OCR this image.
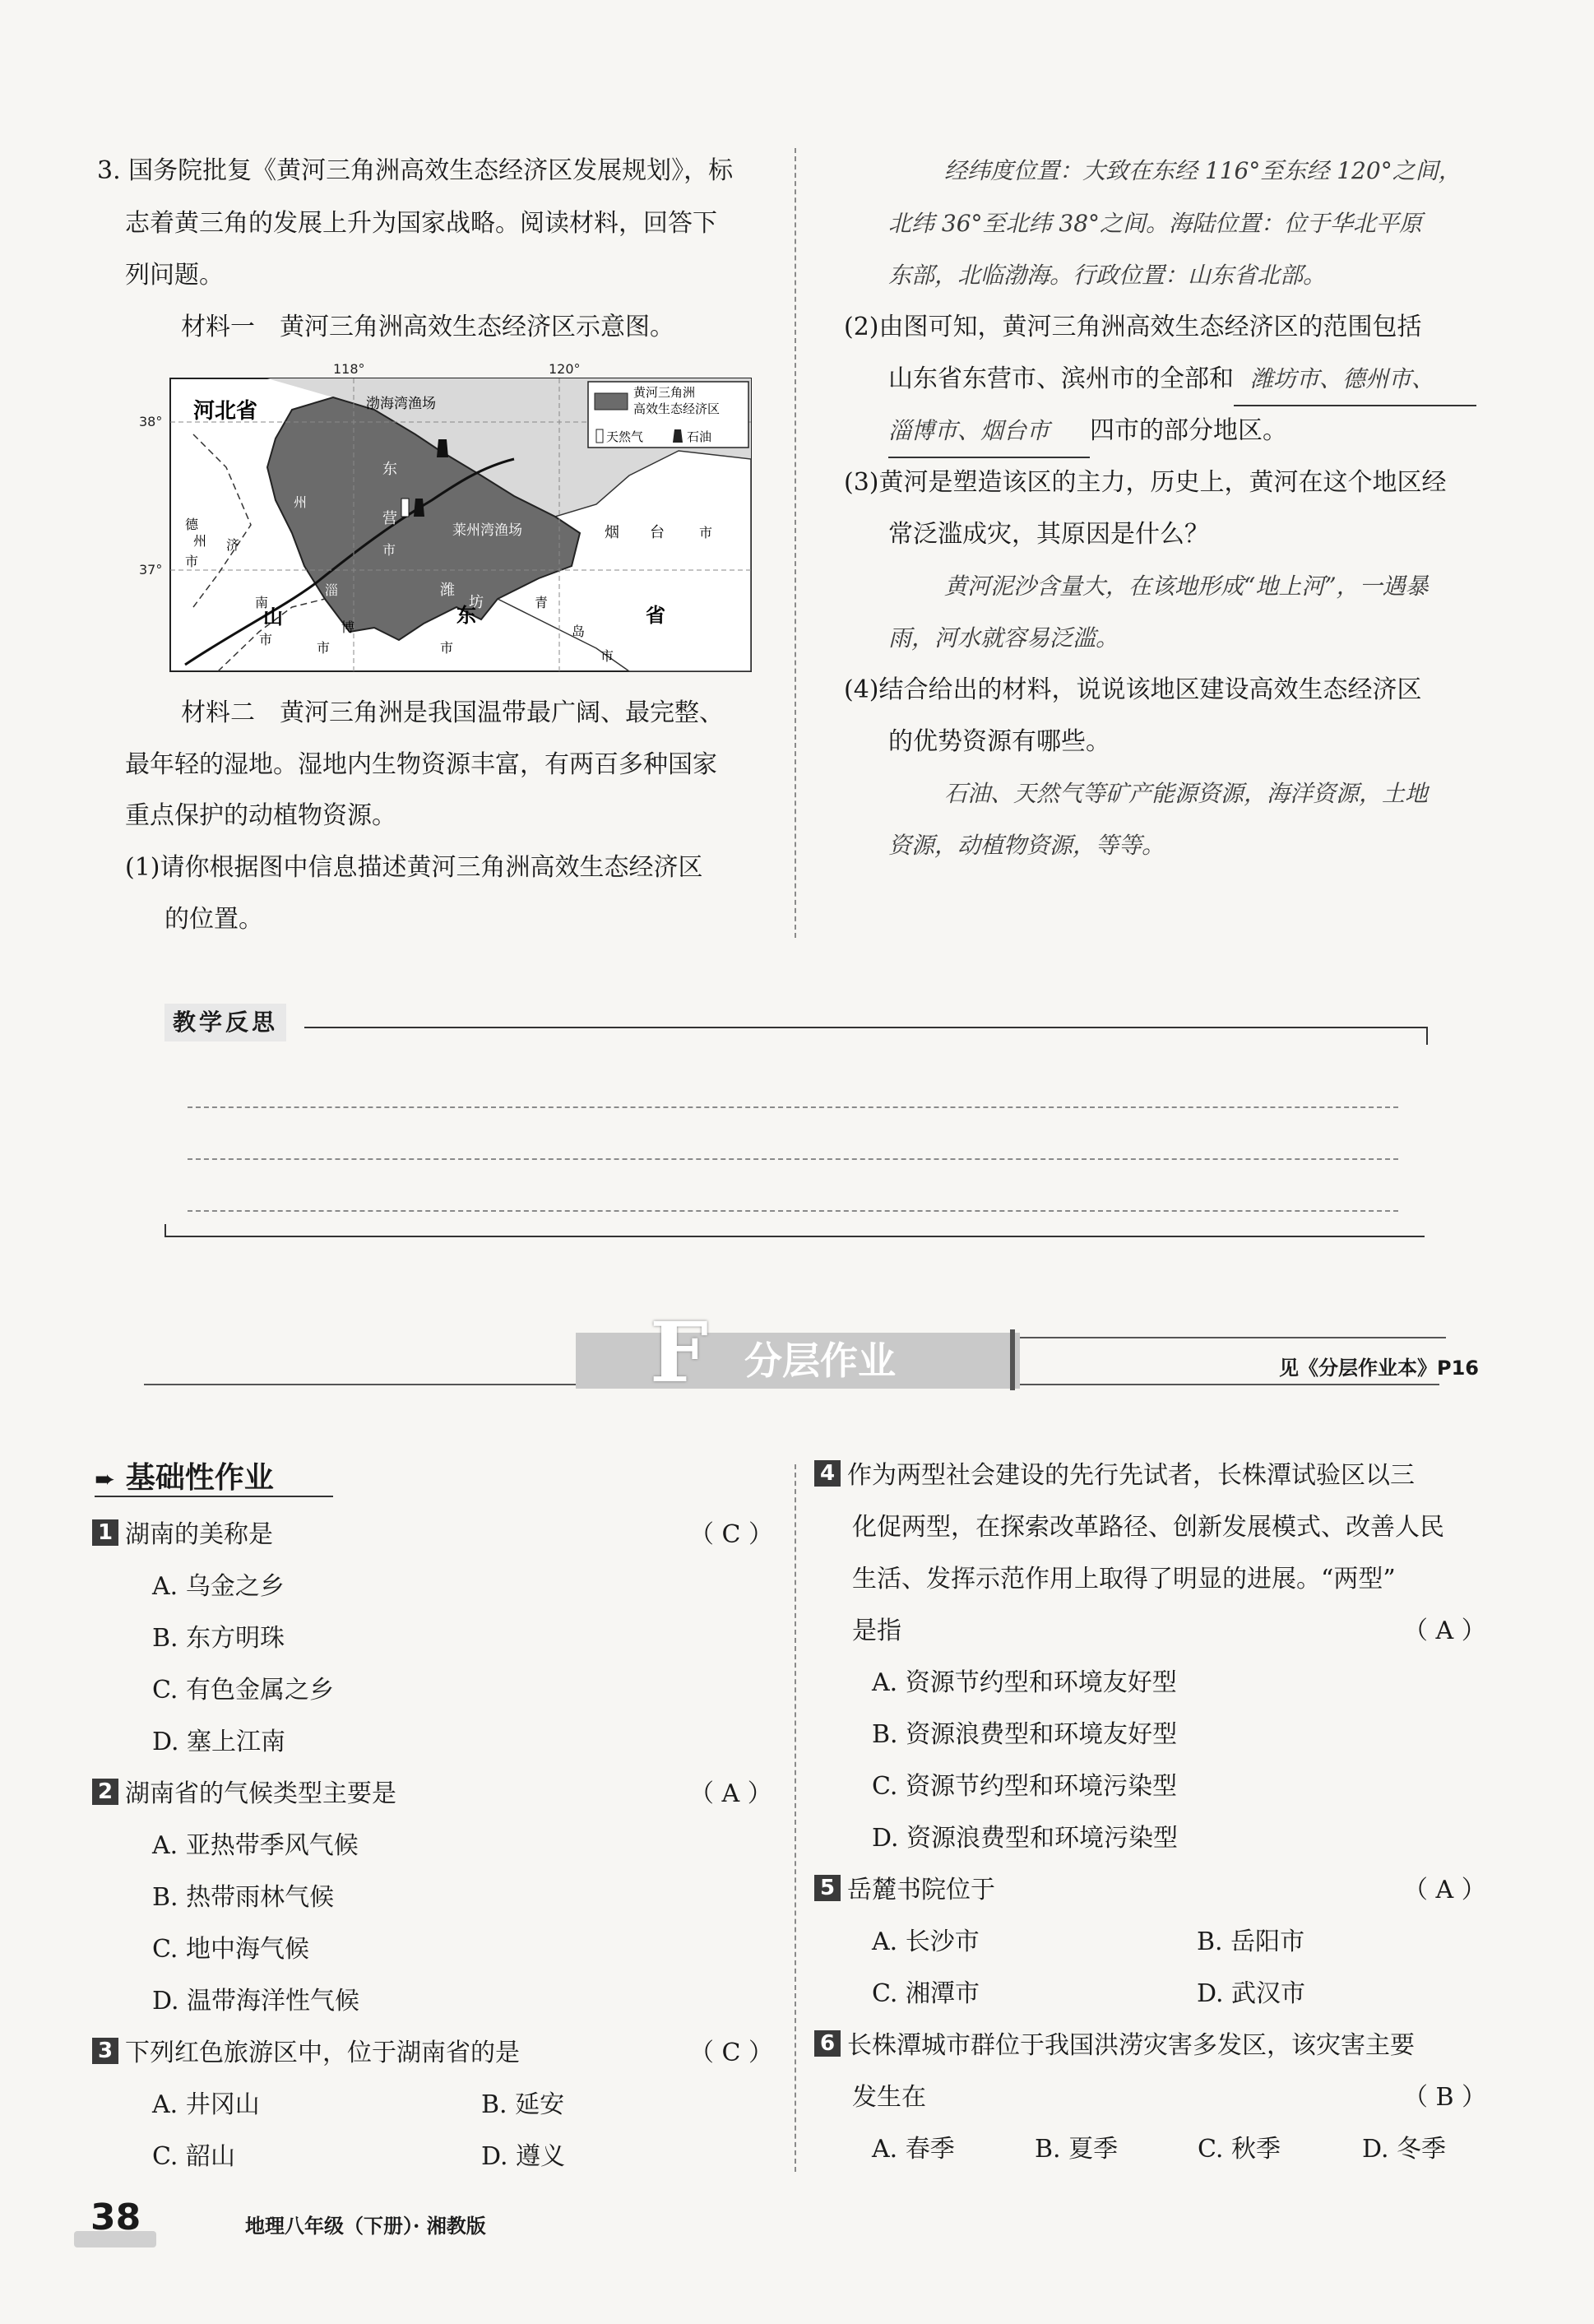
3. 国务院批复《黄河三角洲高效生态经济区发展规划》，标
志着黄三角的发展上升为国家战略。阅读材料，回答下
列问题。
材料一　黄河三角洲高效生态经济区示意图。
118°	120°
38°
37°
黄河三角洲
高效生态经济区
天然气	石油
河北省	渤海湾渔场
莱州湾渔场
德
州
市
滨
州
济
南
市
东
营
市
淄
博
市
潍
坊
市
烟 台	市
青
岛
市
山	东	省
材料二　黄河三角洲是我国温带最广阔、最完整、
最年轻的湿地。湿地内生物资源丰富，有两百多种国家
重点保护的动植物资源。
(1)请你根据图中信息描述黄河三角洲高效生态经济区
的位置。
经纬度位置：大致在东经 116°至东经 120°之间，
北纬 36°至北纬 38°之间。海陆位置：位于华北平原
东部，北临渤海。行政位置：山东省北部。
(2)由图可知，黄河三角洲高效生态经济区的范围包括
山东省东营市、滨州市的全部和 潍坊市、德州市、
淄博市、烟台市 四市的部分地区。
(3)黄河是塑造该区的主力，历史上，黄河在这个地区经
常泛滥成灾，其原因是什么？
黄河泥沙含量大，在该地形成“地上河”，一遇暴
雨，河水就容易泛滥。
(4)结合给出的材料，说说该地区建设高效生态经济区
的优势资源有哪些。
石油、天然气等矿产能源资源，海洋资源，土地
资源，动植物资源，等等。
教学反思
F 分层作业	见《分层作业本》P16
➨ 基础性作业
1 湖南的美称是	（ C ）
A. 乌金之乡
B. 东方明珠
C. 有色金属之乡
D. 塞上江南
2 湖南省的气候类型主要是	（ A ）
A. 亚热带季风气候
B. 热带雨林气候
C. 地中海气候
D. 温带海洋性气候
3 下列红色旅游区中，位于湖南省的是	（ C ）
A. 井冈山	B. 延安
C. 韶山	D. 遵义
4 作为两型社会建设的先行先试者，长株潭试验区以三
化促两型，在探索改革路径、创新发展模式、改善人民
生活、发挥示范作用上取得了明显的进展。“两型”
是指	（ A ）
A. 资源节约型和环境友好型
B. 资源浪费型和环境友好型
C. 资源节约型和环境污染型
D. 资源浪费型和环境污染型
5 岳麓书院位于	（ A ）
A. 长沙市	B. 岳阳市
C. 湘潭市	D. 武汉市
6 长株潭城市群位于我国洪涝灾害多发区，该灾害主要
发生在	（ B ）
A. 春季	B. 夏季	C. 秋季	D. 冬季
38	地理八年级（下册）· 湘教版
